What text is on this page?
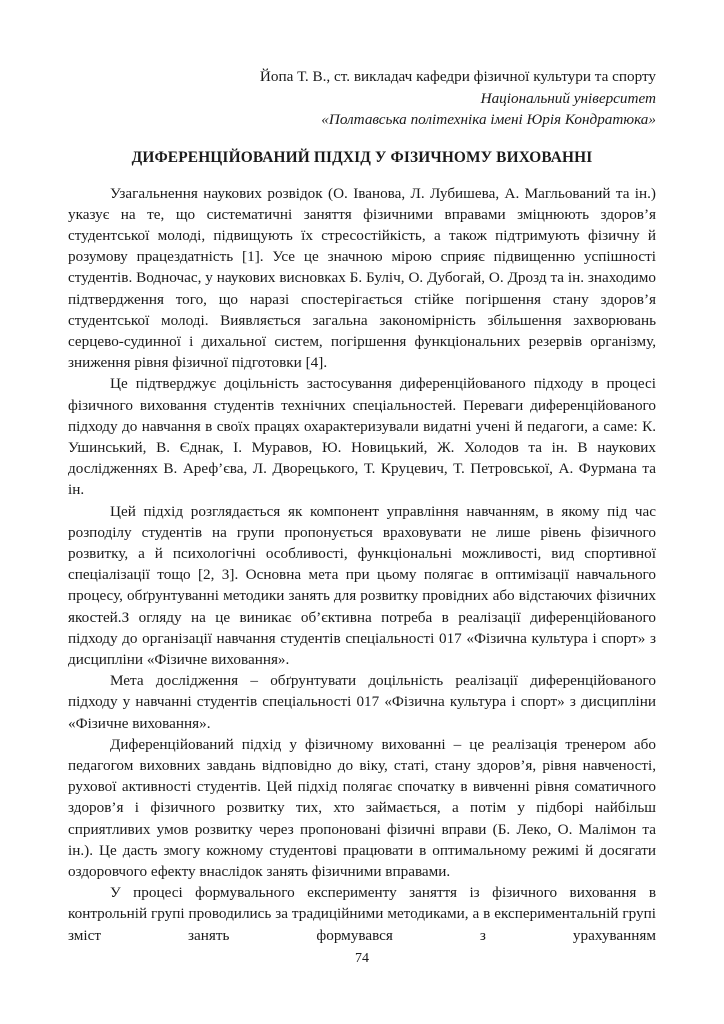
Йопа Т. В., ст. викладач кафедри фізичної культури та спорту
Національний університет
«Полтавська політехніка імені Юрія Кондратюка»
ДИФЕРЕНЦІЙОВАНИЙ ПІДХІД У ФІЗИЧНОМУ ВИХОВАННІ

Узагальнення наукових розвідок (О. Іванова, Л. Лубишева, А. Магльований та ін.) указує на те, що систематичні заняття фізичними вправами зміцнюють здоров’я студентської молоді, підвищують їх стресостійкість, а також підтримують фізичну й розумову працездатність [1]. Усе це значною мірою сприяє підвищенню успішності студентів. Водночас, у наукових висновках Б. Буліч, О. Дубогай, О. Дрозд та ін. знаходимо підтвердження того, що наразі спостерігається стійке погіршення стану здоров’я студентської молоді. Виявляється загальна закономірність збільшення захворювань серцево-судинної і дихальної систем, погіршення функціональних резервів організму, зниження рівня фізичної підготовки [4].

Це підтверджує доцільність застосування диференційованого підходу в процесі фізичного виховання студентів технічних спеціальностей. Переваги диференційованого підходу до навчання в своїх працях охарактеризували видатні учені й педагоги, а саме: К. Ушинський, В. Єднак, І. Муравов, Ю. Новицький, Ж. Холодов та ін. В наукових дослідженнях В. Ареф’єва, Л. Дворецького, Т. Круцевич, Т. Петровської, А. Фурмана та ін.

Цей підхід розглядається як компонент управління навчанням, в якому під час розподілу студентів на групи пропонується враховувати не лише рівень фізичного розвитку, а й психологічні особливості, функціональні можливості, вид спортивної спеціалізації тощо [2, 3]. Основна мета при цьому полягає в оптимізації навчального процесу, обґрунтуванні методики занять для розвитку провідних або відстаючих фізичних якостей.З огляду на це виникає об’єктивна потреба в реалізації диференційованого підходу до організації навчання студентів спеціальності 017 «Фізична культура і спорт» з дисципліни «Фізичне виховання».

Мета дослідження – обґрунтувати доцільність реалізації диференційованого підходу у навчанні студентів спеціальності 017 «Фізична культура і спорт» з дисципліни «Фізичне виховання».

Диференційований підхід у фізичному вихованні – це реалізація тренером або педагогом виховних завдань відповідно до віку, статі, стану здоров’я, рівня навченості, рухової активності студентів. Цей підхід полягає спочатку в вивченні рівня соматичного здоров’я і фізичного розвитку тих, хто займається, а потім у підборі найбільш сприятливих умов розвитку через пропоновані фізичні вправи (Б. Леко, О. Малімон та ін.). Це дасть змогу кожному студентові працювати в оптимальному режимі й досягати оздоровчого ефекту внаслідок занять фізичними вправами.

У процесі формувального експерименту заняття із фізичного виховання в контрольній групі проводились за традиційними методиками, а в експериментальній групі зміст занять формувався з урахуванням

74
